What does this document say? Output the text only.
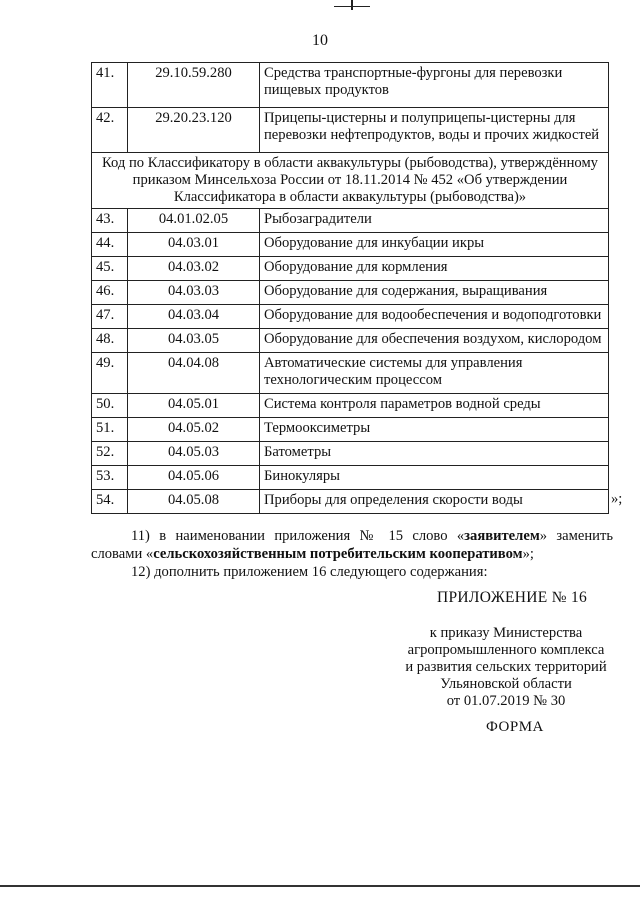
10
41.	29.10.59.280	Средства транспортные-фургоны для перевозки пищевых продуктов
42.	29.20.23.120	Прицепы-цистерны и полуприцепы-цистерны для перевозки нефтепродуктов, воды и прочих жидкостей
Код по Классификатору в области аквакультуры (рыбоводства), утверждённому приказом Минсельхоза России от 18.11.2014 № 452 «Об утверждении Классификатора в области аквакультуры (рыбоводства)»		
43.	04.01.02.05	Рыбозаградители
44.	04.03.01	Оборудование для инкубации икры
45.	04.03.02	Оборудование для кормления
46.	04.03.03	Оборудование для содержания, выращивания
47.	04.03.04	Оборудование для водообеспечения и водоподготовки
48.	04.03.05	Оборудование для обеспечения воздухом, кислородом
49.	04.04.08	Автоматические системы для управления технологическим процессом
50.	04.05.01	Система контроля параметров водной среды
51.	04.05.02	Термооксиметры
52.	04.05.03	Батометры
53.	04.05.06	Бинокуляры
54.	04.05.08	Приборы для определения скорости воды	»;
11) в наименовании приложения № 15 слово «заявителем» заменить словами «сельскохозяйственным потребительским кооперативом»;
12) дополнить приложением 16 следующего содержания:
ПРИЛОЖЕНИЕ № 16
к приказу Министерства
агропромышленного комплекса
и развития сельских территорий
Ульяновской области
от 01.07.2019 № 30
ФОРМА
